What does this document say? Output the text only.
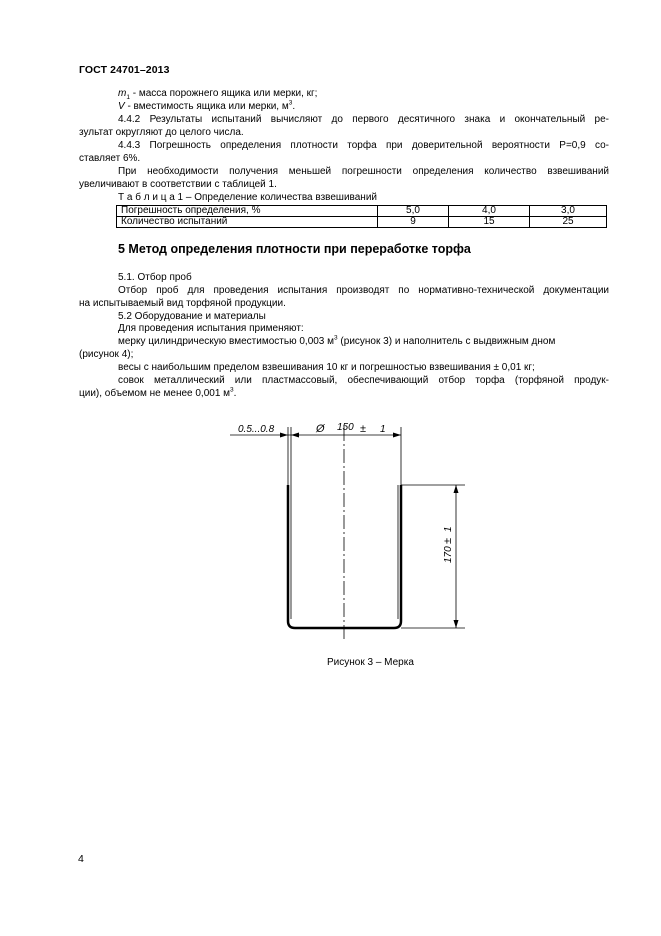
ГОСТ 24701–2013
$m_1$ - масса порожнего ящика или мерки, кг;
V - вместимость ящика или мерки, $м^3$.
4.4.2 Результаты испытаний вычисляют до первого десятичного знака и окончательный ре-
зультат округляют до целого числа.
4.4.3 Погрешность определения плотности торфа при доверительной вероятности Р=0,9 со-
ставляет 6%.
При необходимости получения меньшей погрешности определения количество взвешиваний
увеличивают в соответствии с таблицей 1.
Т а б л и ц а 1 – Определение количества взвешиваний
Погрешность определения, %	5,0	4,0	3,0
Количество испытаний	9	15	25
5 Метод определения плотности при переработке торфа
5.1. Отбор проб
Отбор проб для проведения испытания производят по нормативно-технической документации
на испытываемый вид торфяной продукции.
5.2 Оборудование и материалы
Для проведения испытания применяют:
мерку цилиндрическую вместимостью 0,003 $м^3$ (рисунок 3) и наполнитель с выдвижным дном
(рисунок 4);
весы с наибольшим пределом взвешивания 10 кг и погрешностью взвешивания ± 0,01 кг;
совок металлический или пластмассовый, обеспечивающий отбор торфа (торфяной продук-
ции), объемом не менее 0,001 $м^3$.
0.5...0.8	Ø 150 ± 1
170
±
1
Рисунок 3 – Мерка
4
